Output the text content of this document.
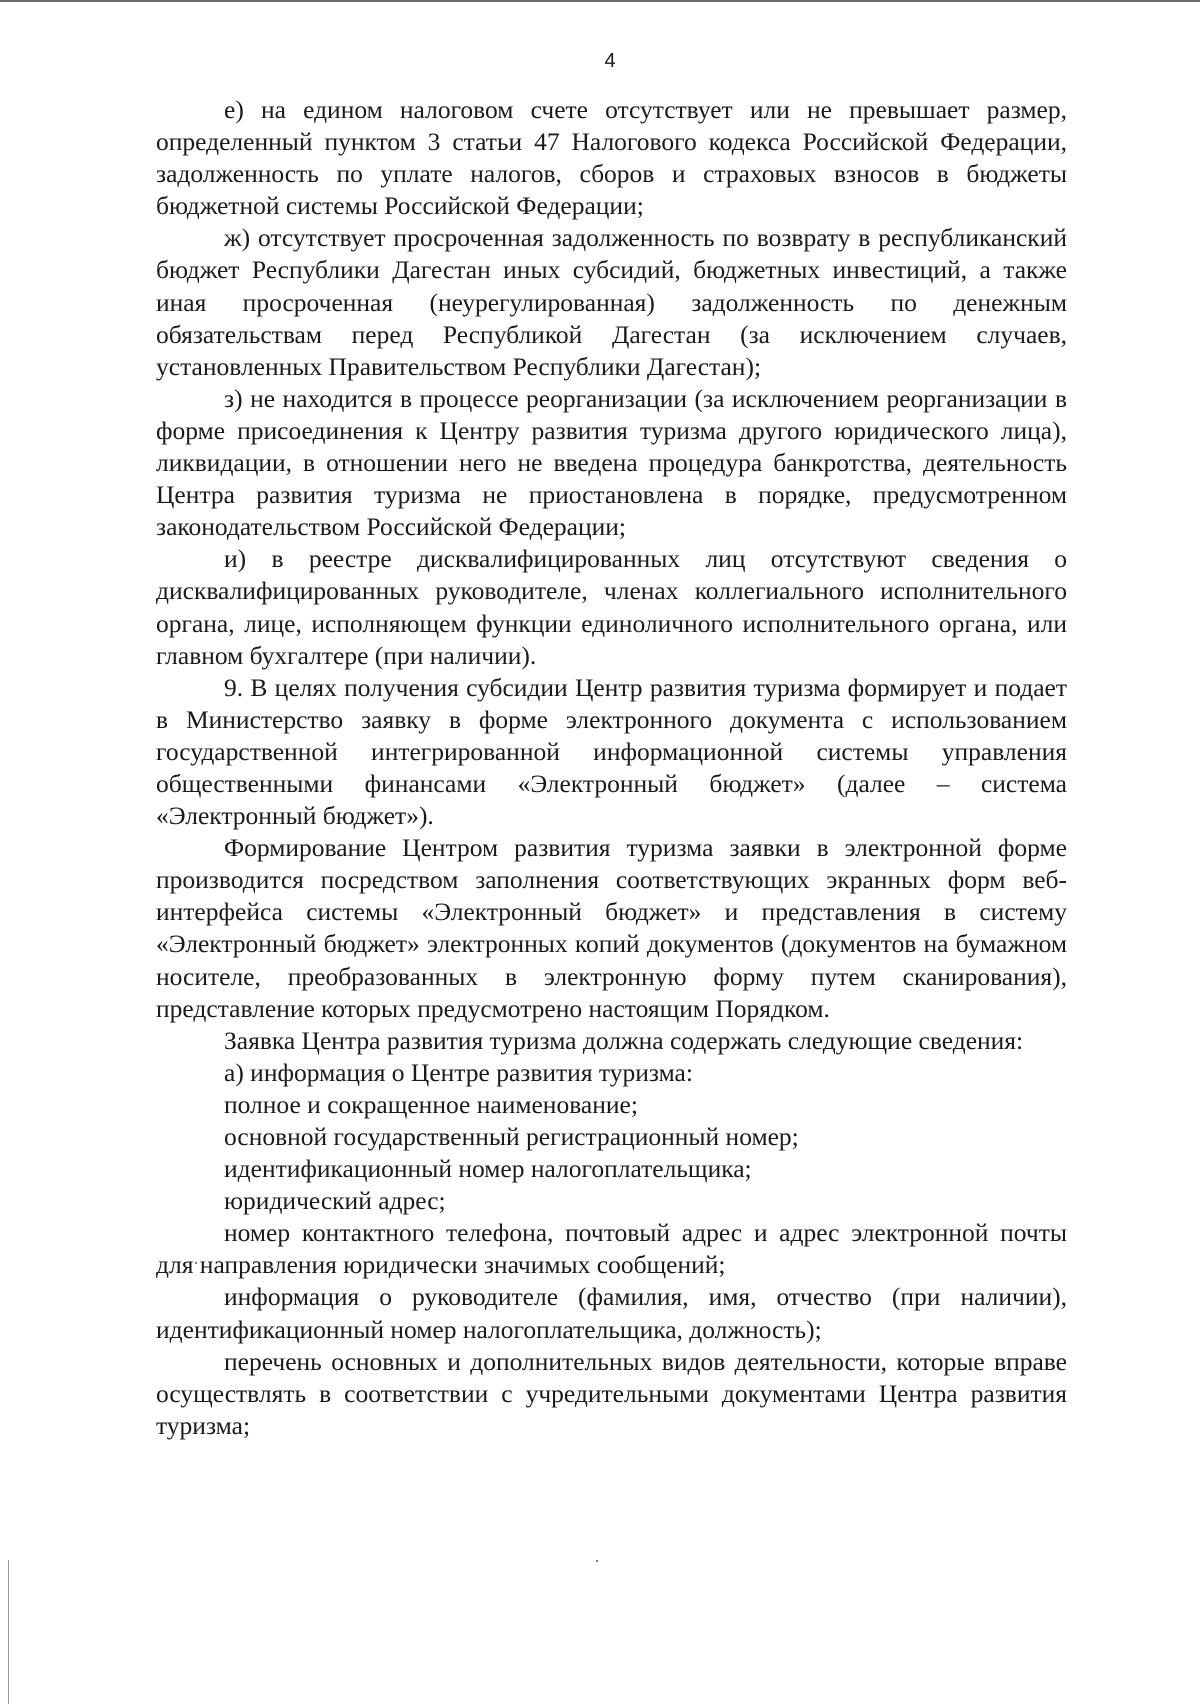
4

е) на едином налоговом счете отсутствует или не превышает размер, определенный пунктом 3 статьи 47 Налогового кодекса Российской Федерации, задолженность по уплате налогов, сборов и страховых взносов в бюджеты бюджетной системы Российской Федерации;

ж) отсутствует просроченная задолженность по возврату в республиканский бюджет Республики Дагестан иных субсидий, бюджетных инвестиций, а также иная просроченная (неурегулированная) задолженность по денежным обязательствам перед Республикой Дагестан (за исключением случаев, установленных Правительством Республики Дагестан);

з) не находится в процессе реорганизации (за исключением реорганизации в форме присоединения к Центру развития туризма другого юридического лица), ликвидации, в отношении него не введена процедура банкротства, деятельность Центра развития туризма не приостановлена в порядке, предусмотренном законодательством Российской Федерации;

и) в реестре дисквалифицированных лиц отсутствуют сведения о дисквалифицированных руководителе, членах коллегиального исполнительного органа, лице, исполняющем функции единоличного исполнительного органа, или главном бухгалтере (при наличии).

9. В целях получения субсидии Центр развития туризма формирует и подает в Министерство заявку в форме электронного документа с использованием государственной интегрированной информационной системы управления общественными финансами «Электронный бюджет» (далее – система «Электронный бюджет»).

Формирование Центром развития туризма заявки в электронной форме производится посредством заполнения соответствующих экранных форм веб-интерфейса системы «Электронный бюджет» и представления в систему «Электронный бюджет» электронных копий документов (документов на бумажном носителе, преобразованных в электронную форму путем сканирования), представление которых предусмотрено настоящим Порядком.

Заявка Центра развития туризма должна содержать следующие сведения:

а) информация о Центре развития туризма:

полное и сокращенное наименование;

основной государственный регистрационный номер;

идентификационный номер налогоплательщика;

юридический адрес;

номер контактного телефона, почтовый адрес и адрес электронной почты для направления юридически значимых сообщений;

информация о руководителе (фамилия, имя, отчество (при наличии), идентификационный номер налогоплательщика, должность);

перечень основных и дополнительных видов деятельности, которые вправе осуществлять в соответствии с учредительными документами Центра развития туризма;
